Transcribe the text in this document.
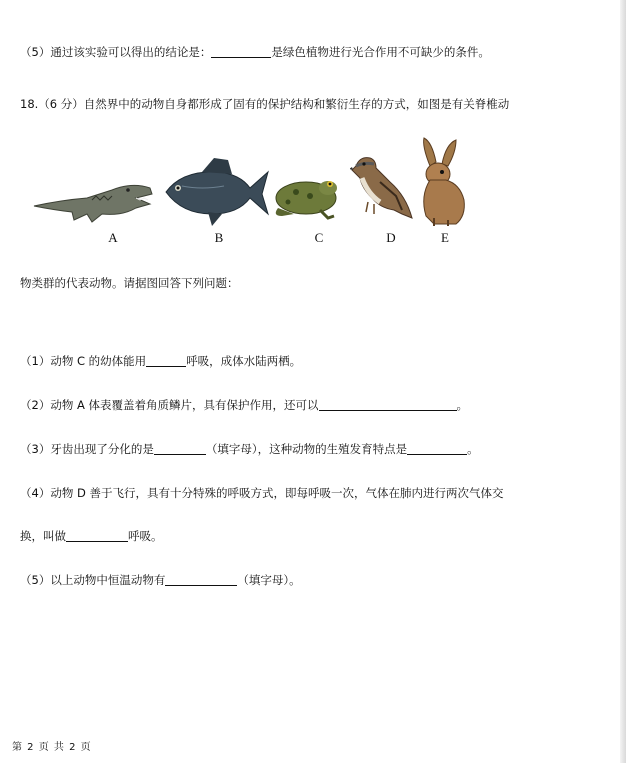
（5）通过该实验可以得出的结论是：	是绿色植物进行光合作用不可缺少的条件。
18.（6 分）自然界中的动物自身都形成了固有的保护结构和繁衍生存的方式，如图是有关脊椎动
A	B	C	D	E
物类群的代表动物。请据图回答下列问题：
（1）动物 C 的幼体能用	呼吸，成体水陆两栖。
（2）动物 A 体表覆盖着角质鳞片，具有保护作用，还可以	。
（3）牙齿出现了分化的是	（填字母），这种动物的生殖发育特点是	。
（4）动物 D 善于飞行，具有十分特殊的呼吸方式，即每呼吸一次，气体在肺内进行两次气体交
换，叫做	呼吸。
（5）以上动物中恒温动物有	（填字母）。
第 2 页 共 2 页
